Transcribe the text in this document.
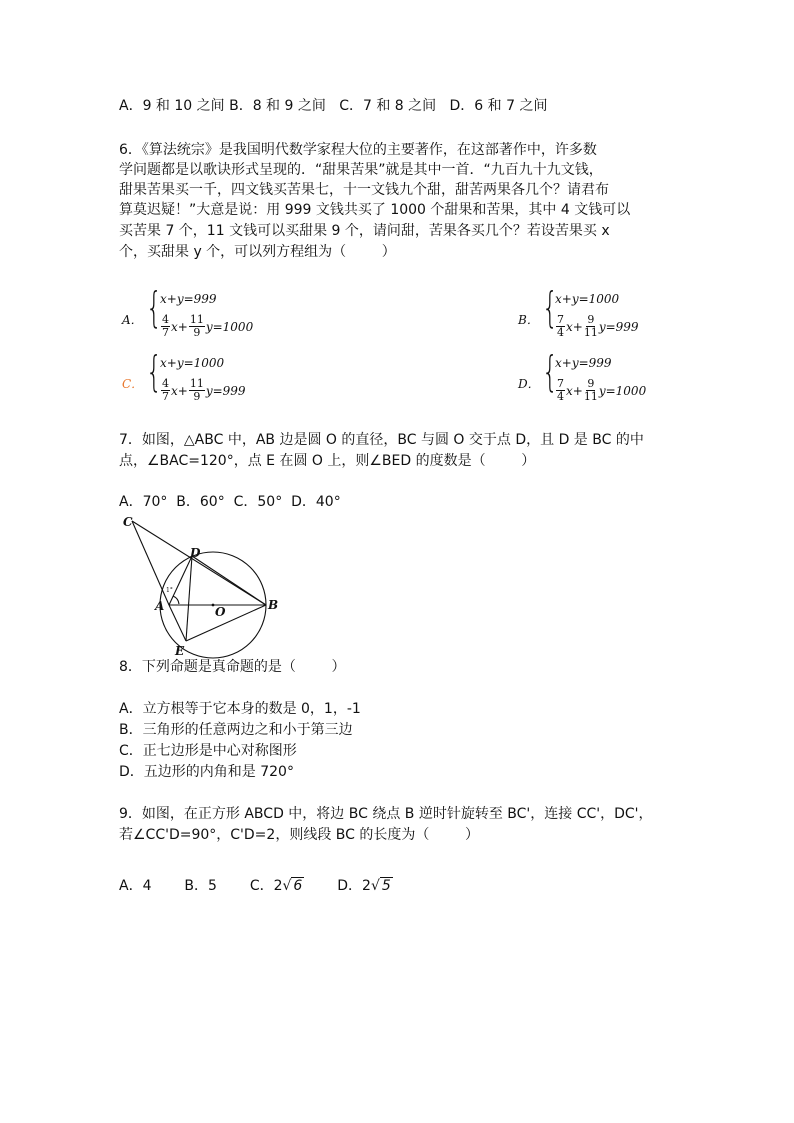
A．9 和 10 之间 B．8 和 9 之间   C．7 和 8 之间   D．6 和 7 之间
6．《算法统宗》是我国明代数学家程大位的主要著作，在这部著作中，许多数
学问题都是以歌诀形式呈现的．“甜果苦果”就是其中一首．“九百九十九文钱，
甜果苦果买一千，四文钱买苦果七，十一文钱九个甜，甜苦两果各几个？请君布
算莫迟疑！”大意是说：用 999 文钱共买了 1000 个甜果和苦果，其中 4 文钱可以
买苦果 7 个，11 文钱可以买甜果 9 个，请问甜，苦果各买几个？若设苦果买 x
个，买甜果 y 个，可以列方程组为（        ）
A． {
x+y=999
$\frac{4}{7} x+ \frac{11}{9} y=1000$	B． {
x+y=1000
$\frac{7}{4} x+ \frac{9}{11} y=999$
C． {
x+y=1000
$\frac{4}{7} x+ \frac{11}{9} y=999$	D． {
x+y=999
$\frac{7}{4} x+ \frac{9}{11} y=1000$
7．如图，△ABC 中，AB 边是圆 O 的直径，BC 与圆 O 交于点 D，且 D 是 BC 的中
点，∠BAC=120°，点 E 在圆 O 上，则∠BED 的度数是（        ）
A．70°  B．60°  C．50°  D．40°
C
D
A	O	B
E
1°
8．下列命题是真命题的是（        ）
A．立方根等于它本身的数是 0，1，-1
B．三角形的任意两边之和小于第三边
C．正七边形是中心对称图形
D．五边形的内角和是 720°
9．如图，在正方形 ABCD 中，将边 BC 绕点 B 逆时针旋转至 BC'，连接 CC'，DC'，
若∠CC'D=90°，C'D=2，则线段 BC 的长度为（        ）
A．4 B．5 C．2√ 6 D．2√ 5
